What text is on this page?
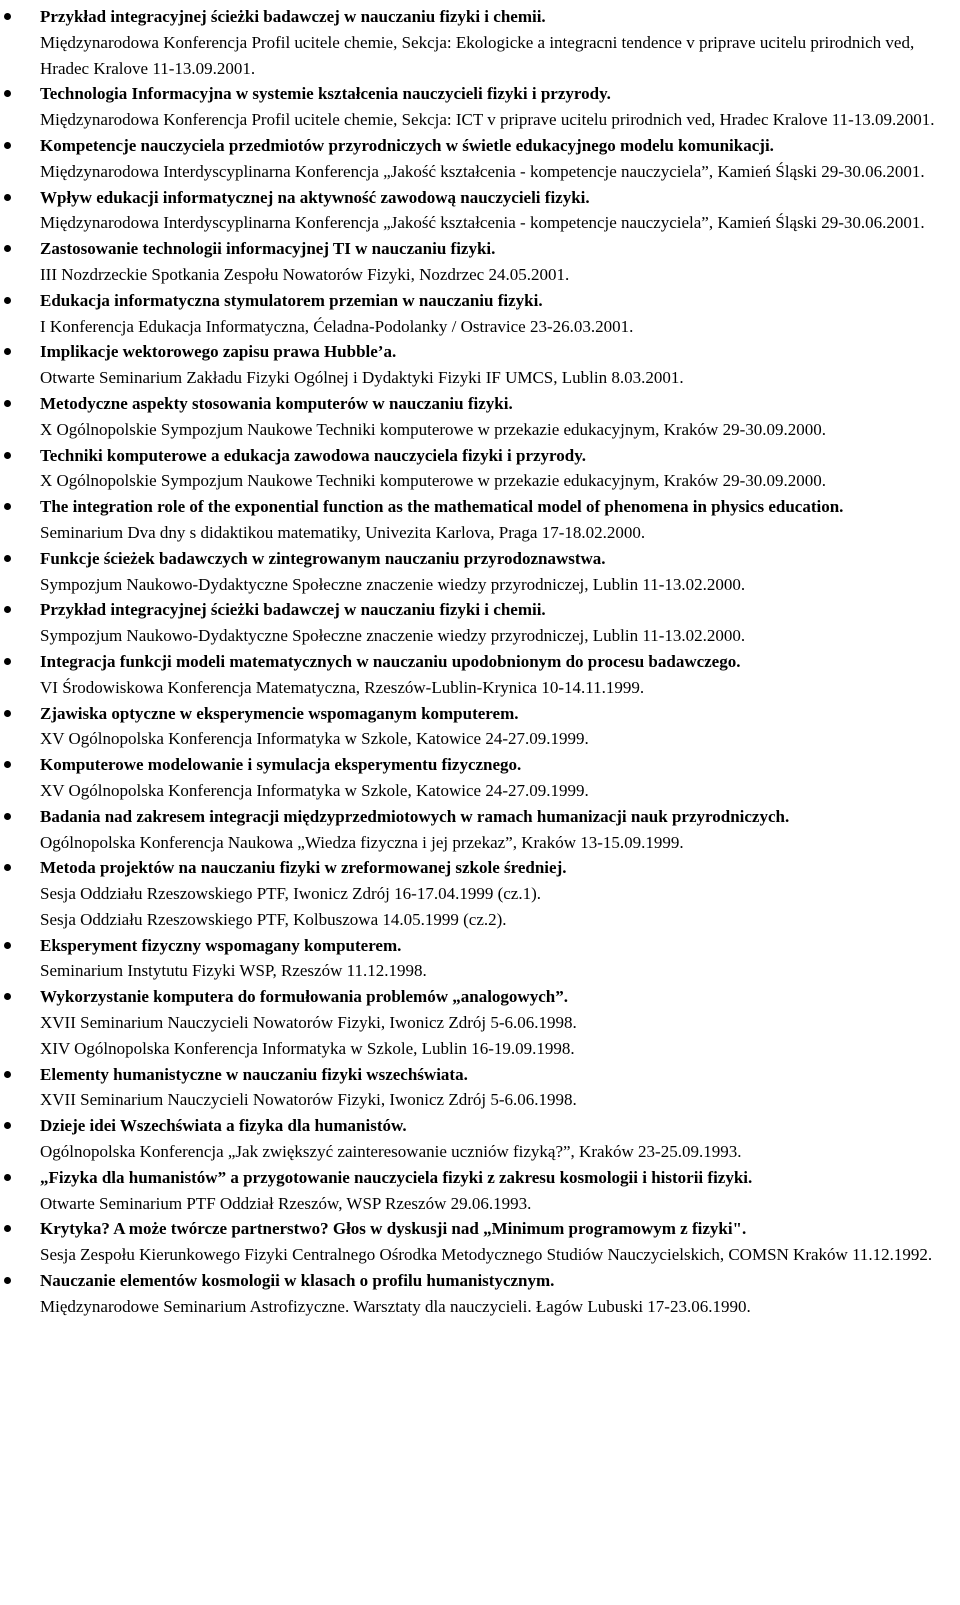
Przykład integracyjnej ścieżki badawczej w nauczaniu fizyki i chemii.
Międzynarodowa Konferencja Profil ucitele chemie, Sekcja: Ekologicke a integracni tendence v priprave ucitelu prirodnich ved, Hradec Kralove 11-13.09.2001.
Technologia Informacyjna w systemie kształcenia nauczycieli fizyki i przyrody.
Międzynarodowa Konferencja Profil ucitele chemie, Sekcja: ICT v priprave ucitelu prirodnich ved, Hradec Kralove 11-13.09.2001.
Kompetencje nauczyciela przedmiotów przyrodniczych w świetle edukacyjnego modelu komunikacji.
Międzynarodowa Interdyscyplinarna Konferencja „Jakość kształcenia - kompetencje nauczyciela”, Kamień Śląski 29-30.06.2001.
Wpływ edukacji informatycznej na aktywność zawodową nauczycieli fizyki.
Międzynarodowa Interdyscyplinarna Konferencja „Jakość kształcenia - kompetencje nauczyciela”, Kamień Śląski 29-30.06.2001.
Zastosowanie technologii informacyjnej TI w nauczaniu fizyki.
III Nozdrzeckie Spotkania Zespołu Nowatorów Fizyki, Nozdrzec 24.05.2001.
Edukacja informatyczna stymulatorem przemian w nauczaniu fizyki.
I Konferencja Edukacja Informatyczna, Ćeladna-Podolanky / Ostravice 23-26.03.2001.
Implikacje wektorowego zapisu prawa Hubble’a.
Otwarte Seminarium Zakładu Fizyki Ogólnej i Dydaktyki Fizyki IF UMCS, Lublin 8.03.2001.
Metodyczne aspekty stosowania komputerów w nauczaniu fizyki.
X Ogólnopolskie Sympozjum Naukowe Techniki komputerowe w przekazie edukacyjnym, Kraków 29-30.09.2000.
Techniki komputerowe a edukacja zawodowa nauczyciela fizyki i przyrody.
X Ogólnopolskie Sympozjum Naukowe Techniki komputerowe w przekazie edukacyjnym, Kraków 29-30.09.2000.
The integration role of the exponential function as the mathematical model of phenomena in physics education.
Seminarium Dva dny s didaktikou matematiky, Univezita Karlova, Praga 17-18.02.2000.
Funkcje ścieżek badawczych w zintegrowanym nauczaniu przyrodoznawstwa.
Sympozjum Naukowo-Dydaktyczne Społeczne znaczenie wiedzy przyrodniczej, Lublin 11-13.02.2000.
Przykład integracyjnej ścieżki badawczej w nauczaniu fizyki i chemii.
Sympozjum Naukowo-Dydaktyczne Społeczne znaczenie wiedzy przyrodniczej, Lublin 11-13.02.2000.
Integracja funkcji modeli matematycznych w nauczaniu upodobnionym do procesu badawczego.
VI Środowiskowa Konferencja Matematyczna, Rzeszów-Lublin-Krynica 10-14.11.1999.
Zjawiska optyczne w eksperymencie wspomaganym komputerem.
XV Ogólnopolska Konferencja Informatyka w Szkole, Katowice 24-27.09.1999.
Komputerowe modelowanie i symulacja eksperymentu fizycznego.
XV Ogólnopolska Konferencja Informatyka w Szkole, Katowice 24-27.09.1999.
Badania nad zakresem integracji międzyprzedmiotowych w ramach humanizacji nauk przyrodniczych.
Ogólnopolska Konferencja Naukowa „Wiedza fizyczna i jej przekaz”, Kraków 13-15.09.1999.
Metoda projektów na nauczaniu fizyki w zreformowanej szkole średniej.
Sesja Oddziału Rzeszowskiego PTF, Iwonicz Zdrój 16-17.04.1999 (cz.1).
Sesja Oddziału Rzeszowskiego PTF, Kolbuszowa 14.05.1999 (cz.2).
Eksperyment fizyczny wspomagany komputerem.
Seminarium Instytutu Fizyki WSP, Rzeszów 11.12.1998.
Wykorzystanie komputera do formułowania problemów „analogowych”.
XVII Seminarium Nauczycieli Nowatorów Fizyki, Iwonicz Zdrój 5-6.06.1998.
XIV Ogólnopolska Konferencja Informatyka w Szkole, Lublin 16-19.09.1998.
Elementy humanistyczne w nauczaniu fizyki wszechświata.
XVII Seminarium Nauczycieli Nowatorów Fizyki, Iwonicz Zdrój 5-6.06.1998.
Dzieje idei Wszechświata a fizyka dla humanistów.
Ogólnopolska Konferencja „Jak zwiększyć zainteresowanie uczniów fizyką?”, Kraków 23-25.09.1993.
„Fizyka dla humanistów” a przygotowanie nauczyciela fizyki z zakresu kosmologii i historii fizyki.
Otwarte Seminarium PTF Oddział Rzeszów, WSP Rzeszów 29.06.1993.
Krytyka? A może twórcze partnerstwo? Głos w dyskusji nad „Minimum programowym z fizyki".
Sesja Zespołu Kierunkowego Fizyki Centralnego Ośrodka Metodycznego Studiów Nauczycielskich, COMSN Kraków 11.12.1992.
Nauczanie elementów kosmologii w klasach o profilu humanistycznym.
Międzynarodowe Seminarium Astrofizyczne. Warsztaty dla nauczycieli. Łagów Lubuski 17-23.06.1990.
